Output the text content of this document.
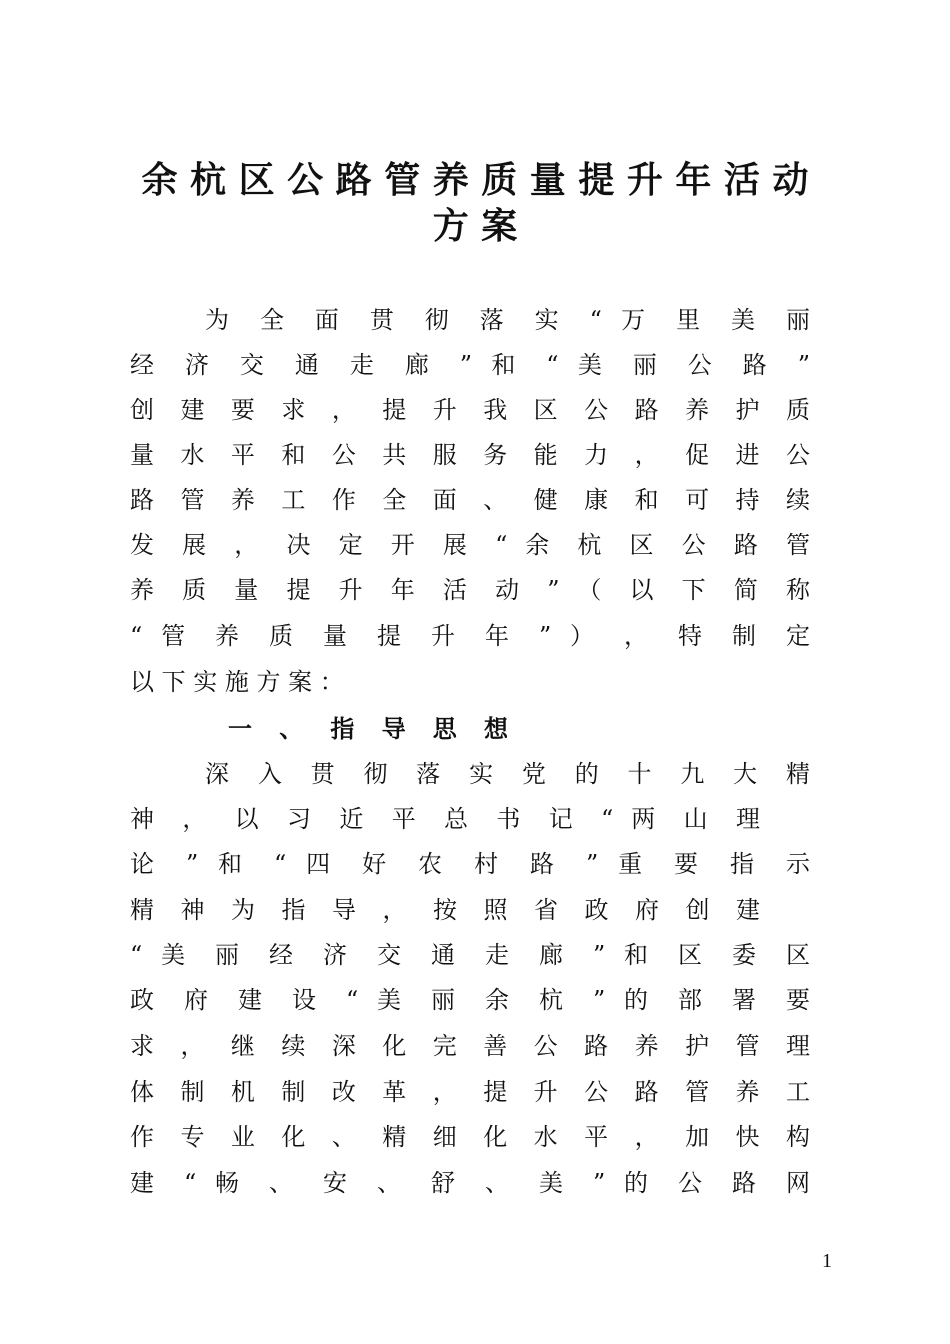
余 杭 区 公 路 管 养 质 量 提 升 年 活 动
方 案
为 全 面 贯 彻 落 实 “ 万 里 美 丽
经 济 交 通 走 廊 ” 和 “ 美 丽 公 路 ”
创 建 要 求 ， 提 升 我 区 公 路 养 护 质
量 水 平 和 公 共 服 务 能 力 ， 促 进 公
路 管 养 工 作 全 面 、 健 康 和 可 持 续
发 展 ， 决 定 开 展 “ 余 杭 区 公 路 管
养 质 量 提 升 年 活 动 ” （ 以 下 简 称
“ 管 养 质 量 提 升 年 ” ） ， 特 制 定
以 下 实 施 方 案 ：
一 、 指 导 思 想
深 入 贯 彻 落 实 党 的 十 九 大 精
神 ， 以 习 近 平 总 书 记 “ 两 山 理
论 ” 和 “ 四 好 农 村 路 ” 重 要 指 示
精 神 为 指 导 ， 按 照 省 政 府 创 建
“ 美 丽 经 济 交 通 走 廊 ” 和 区 委 区
政 府 建 设 “ 美 丽 余 杭 ” 的 部 署 要
求 ， 继 续 深 化 完 善 公 路 养 护 管 理
体 制 机 制 改 革 ， 提 升 公 路 管 养 工
作 专 业 化 、 精 细 化 水 平 ， 加 快 构
建 “ 畅 、 安 、 舒 、 美 ” 的 公 路 网
1
